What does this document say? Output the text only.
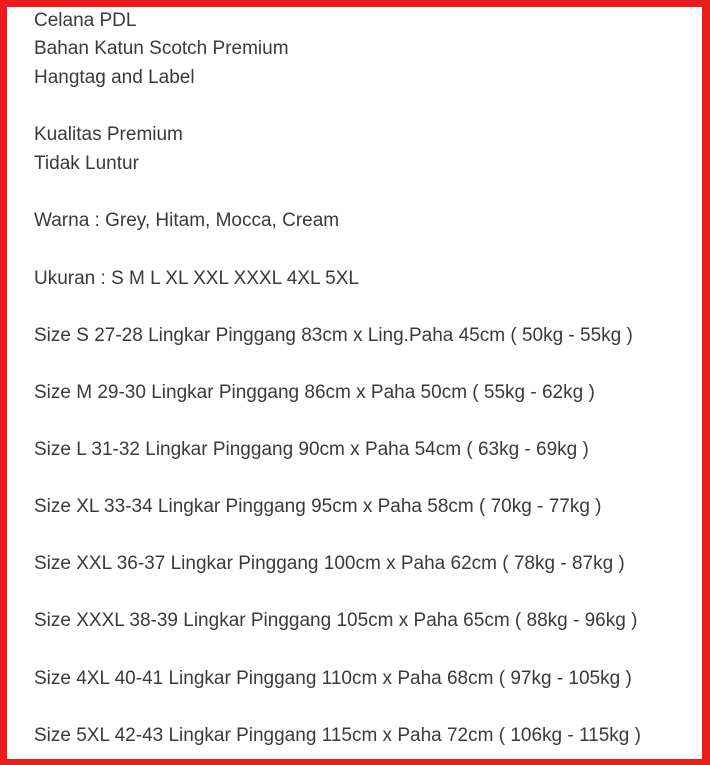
Celana PDL
Bahan Katun Scotch Premium
Hangtag and Label
Kualitas Premium
Tidak Luntur
Warna : Grey, Hitam, Mocca, Cream
Ukuran : S M L XL XXL XXXL 4XL 5XL
Size S 27-28 Lingkar Pinggang 83cm x Ling.Paha 45cm ( 50kg - 55kg )
Size M 29-30 Lingkar Pinggang 86cm x Paha 50cm ( 55kg - 62kg )
Size L 31-32 Lingkar Pinggang 90cm x Paha 54cm ( 63kg - 69kg )
Size XL 33-34 Lingkar Pinggang 95cm x Paha 58cm ( 70kg - 77kg )
Size XXL 36-37 Lingkar Pinggang 100cm x Paha 62cm ( 78kg - 87kg )
Size XXXL 38-39 Lingkar Pinggang 105cm x Paha 65cm ( 88kg - 96kg )
Size 4XL 40-41 Lingkar Pinggang 110cm x Paha 68cm ( 97kg - 105kg )
Size 5XL 42-43 Lingkar Pinggang 115cm x Paha 72cm ( 106kg - 115kg )
